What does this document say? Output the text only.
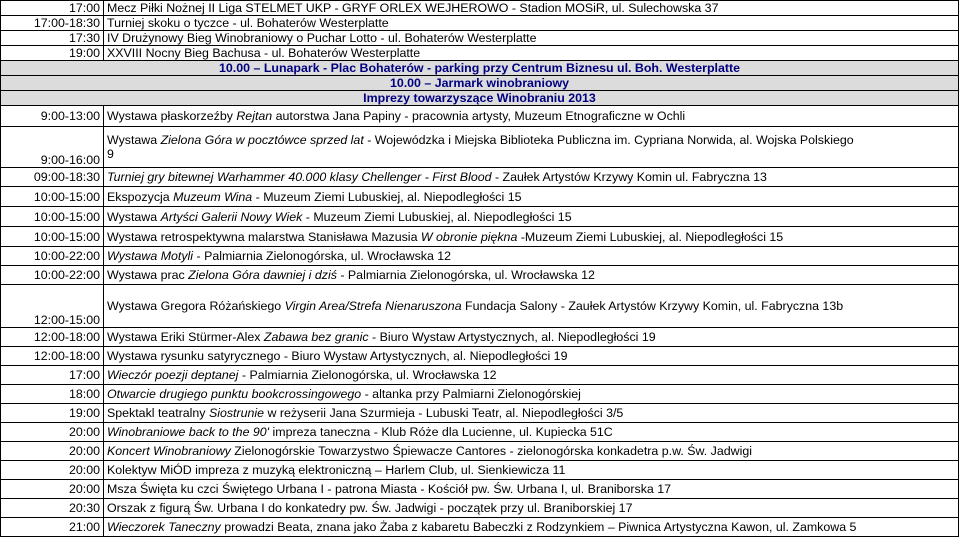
17:00	Mecz Piłki Nożnej II Liga STELMET UKP - GRYF ORLEX WEJHEROWO - Stadion MOSiR, ul. Sulechowska 37
17:00-18:30	Turniej skoku o tyczce - ul. Bohaterów Westerplatte
17:30	IV Drużynowy Bieg Winobraniowy o Puchar Lotto - ul. Bohaterów Westerplatte
19:00	XXVIII Nocny Bieg Bachusa - ul. Bohaterów Westerplatte
10.00 – Lunapark - Plac Bohaterów - parking przy Centrum Biznesu ul. Boh. Westerplatte	
10.00 – Jarmark winobraniowy	
Imprezy towarzyszące Winobraniu 2013	
9:00-13:00	Wystawa płaskorzeźby Rejtan autorstwa Jana Papiny - pracownia artysty, Muzeum Etnograficzne w Ochli
9:00-16:00	Wystawa Zielona Góra w pocztówce sprzed lat - Wojewódzka i Miejska Biblioteka Publiczna im. Cypriana Norwida, al. Wojska Polskiego
9
09:00-18:30	Turniej gry bitewnej Warhammer 40.000 klasy Chellenger - First Blood - Zaułek Artystów Krzywy Komin ul. Fabryczna 13
10:00-15:00	Ekspozycja Muzeum Wina - Muzeum Ziemi Lubuskiej, al. Niepodległości 15
10:00-15:00	Wystawa Artyści Galerii Nowy Wiek - Muzeum Ziemi Lubuskiej, al. Niepodległości 15
10:00-15:00	Wystawa retrospektywna malarstwa Stanisława Mazusia W obronie piękna -Muzeum Ziemi Lubuskiej, al. Niepodległości 15
10:00-22:00	Wystawa Motyli - Palmiarnia Zielonogórska, ul. Wrocławska 12
10:00-22:00	Wystawa prac Zielona Góra dawniej i dziś - Palmiarnia Zielonogórska, ul. Wrocławska 12
12:00-15:00	Wystawa Gregora Różańskiego Virgin Area/Strefa Nienaruszona Fundacja Salony - Zaułek Artystów Krzywy Komin, ul. Fabryczna 13b
12:00-18:00	Wystawa Eriki Stürmer-Alex Zabawa bez granic - Biuro Wystaw Artystycznych, al. Niepodległości 19
12:00-18:00	Wystawa rysunku satyrycznego - Biuro Wystaw Artystycznych, al. Niepodległości 19
17:00	Wieczór poezji deptanej - Palmiarnia Zielonogórska, ul. Wrocławska 12
18:00	Otwarcie drugiego punktu bookcrossingowego - altanka przy Palmiarni Zielonogórskiej
19:00	Spektakl teatralny Siostrunie w reżyserii Jana Szurmieja - Lubuski Teatr, al. Niepodległości 3/5
20:00	Winobraniowe back to the 90' impreza taneczna - Klub Róże dla Lucienne, ul. Kupiecka 51C
20:00	Koncert Winobraniowy Zielonogórskie Towarzystwo Śpiewacze Cantores - zielonogórska konkadetra p.w. Św. Jadwigi
20:00	Kolektyw MiÓD impreza z muzyką elektroniczną – Harlem Club, ul. Sienkiewicza 11
20:00	Msza Święta ku czci Świętego Urbana I - patrona Miasta - Kościół pw. Św. Urbana I, ul. Braniborska 17
20:30	Orszak z figurą Św. Urbana I do konkatedry pw. Św. Jadwigi - początek przy ul. Braniborskiej 17
21:00	Wieczorek Taneczny prowadzi Beata, znana jako Żaba z kabaretu Babeczki z Rodzynkiem – Piwnica Artystyczna Kawon, ul. Zamkowa 5
